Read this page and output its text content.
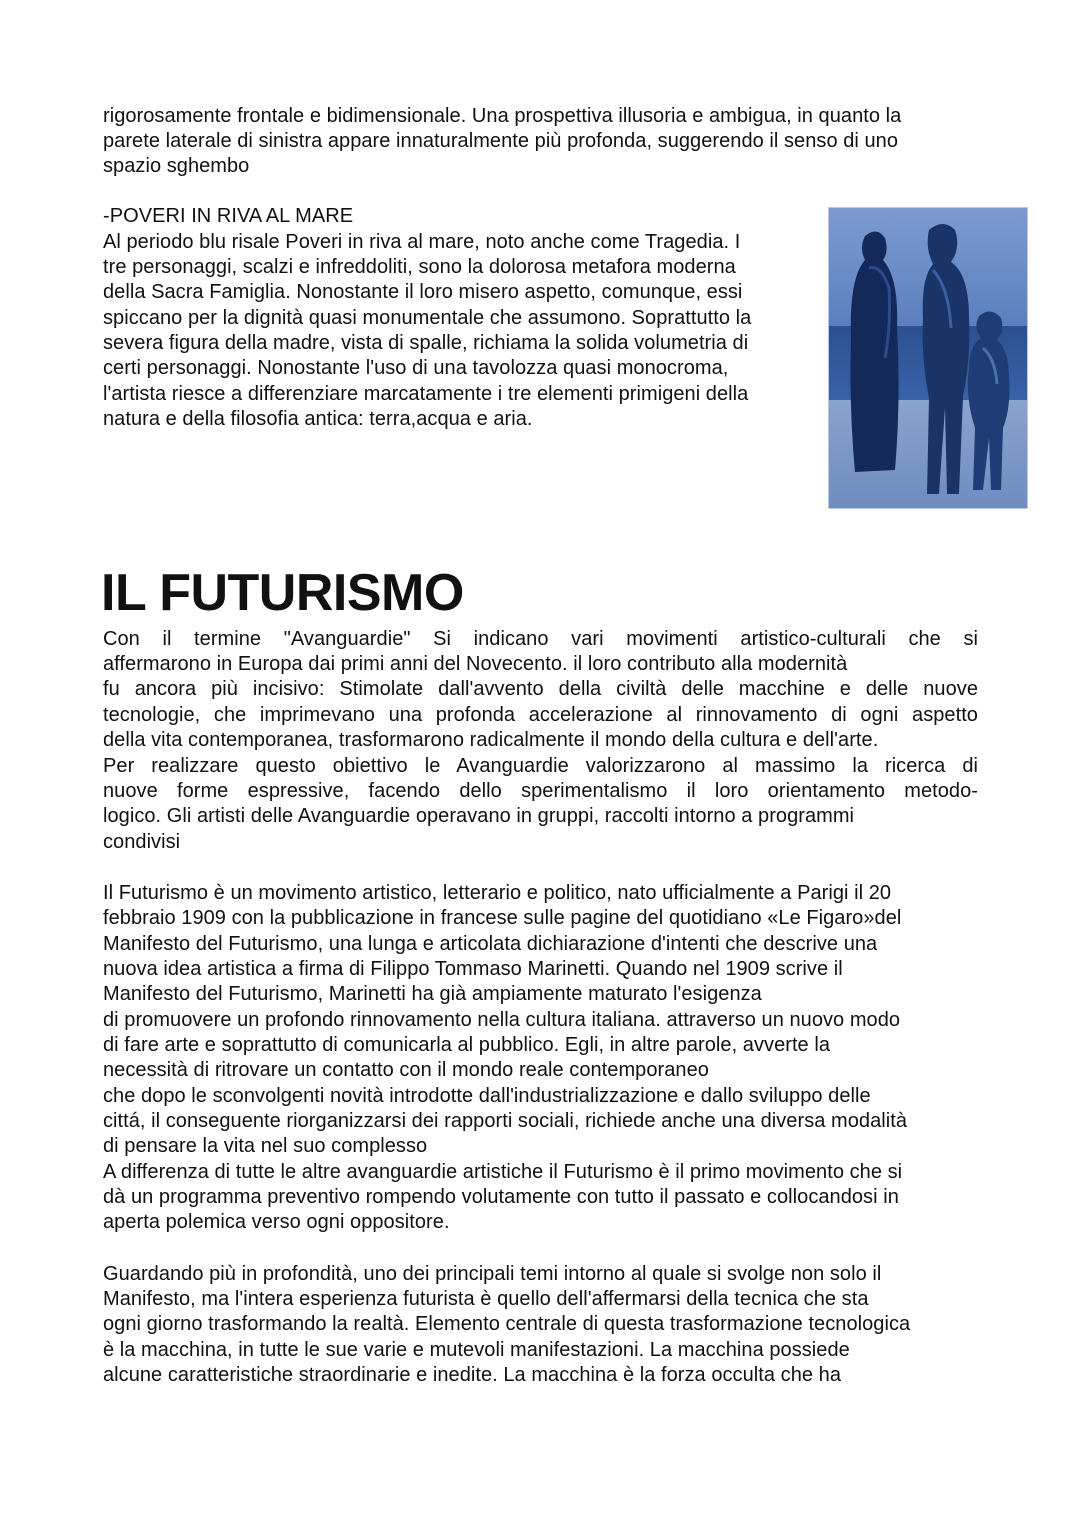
rigorosamente frontale e bidimensionale. Una prospettiva illusoria e ambigua, in quanto la
parete laterale di sinistra appare innaturalmente più profonda, suggerendo il senso di uno
spazio sghembo
-POVERI IN RIVA AL MARE
Al periodo blu risale Poveri in riva al mare, noto anche come Tragedia. I
tre personaggi, scalzi e infreddoliti, sono la dolorosa metafora moderna
della Sacra Famiglia. Nonostante il loro misero aspetto, comunque, essi
spiccano per la dignità quasi monumentale che assumono. Soprattutto la
severa figura della madre, vista di spalle, richiama la solida volumetria di
certi personaggi. Nonostante l'uso di una tavolozza quasi monocroma,
l'artista riesce a differenziare marcatamente i tre elementi primigeni della
natura e della filosofia antica: terra,acqua e aria.
IL FUTURISMO
Con il termine "Avanguardie" Si indicano vari movimenti artistico-culturali che si
affermarono in Europa dai primi anni del Novecento. il loro contributo alla modernità
fu ancora più incisivo: Stimolate dall'avvento della civiltà delle macchine e delle nuove
tecnologie, che imprimevano una profonda accelerazione al rinnovamento di ogni aspetto
della vita contemporanea, trasformarono radicalmente il mondo della cultura e dell'arte.
Per realizzare questo obiettivo le Avanguardie valorizzarono al massimo la ricerca di
nuove forme espressive, facendo dello sperimentalismo il loro orientamento metodo-
logico. Gli artisti delle Avanguardie operavano in gruppi, raccolti intorno a programmi
condivisi
Il Futurismo è un movimento artistico, letterario e politico, nato ufficialmente a Parigi il 20
febbraio 1909 con la pubblicazione in francese sulle pagine del quotidiano «Le Figaro»del
Manifesto del Futurismo, una lunga e articolata dichiarazione d'intenti che descrive una
nuova idea artistica a firma di Filippo Tommaso Marinetti. Quando nel 1909 scrive il
Manifesto del Futurismo, Marinetti ha già ampiamente maturato l'esigenza
di promuovere un profondo rinnovamento nella cultura italiana. attraverso un nuovo modo
di fare arte e soprattutto di comunicarla al pubblico. Egli, in altre parole, avverte la
necessità di ritrovare un contatto con il mondo reale contemporaneo
che dopo le sconvolgenti novità introdotte dall'industrializzazione e dallo sviluppo delle
cittá, il conseguente riorganizzarsi dei rapporti sociali, richiede anche una diversa modalità
di pensare la vita nel suo complesso
A differenza di tutte le altre avanguardie artistiche il Futurismo è il primo movimento che si
dà un programma preventivo rompendo volutamente con tutto il passato e collocandosi in
aperta polemica verso ogni oppositore.
Guardando più in profondità, uno dei principali temi intorno al quale si svolge non solo il
Manifesto, ma l'intera esperienza futurista è quello dell'affermarsi della tecnica che sta
ogni giorno trasformando la realtà. Elemento centrale di questa trasformazione tecnologica
è la macchina, in tutte le sue varie e mutevoli manifestazioni. La macchina possiede
alcune caratteristiche straordinarie e inedite. La macchina è la forza occulta che ha
